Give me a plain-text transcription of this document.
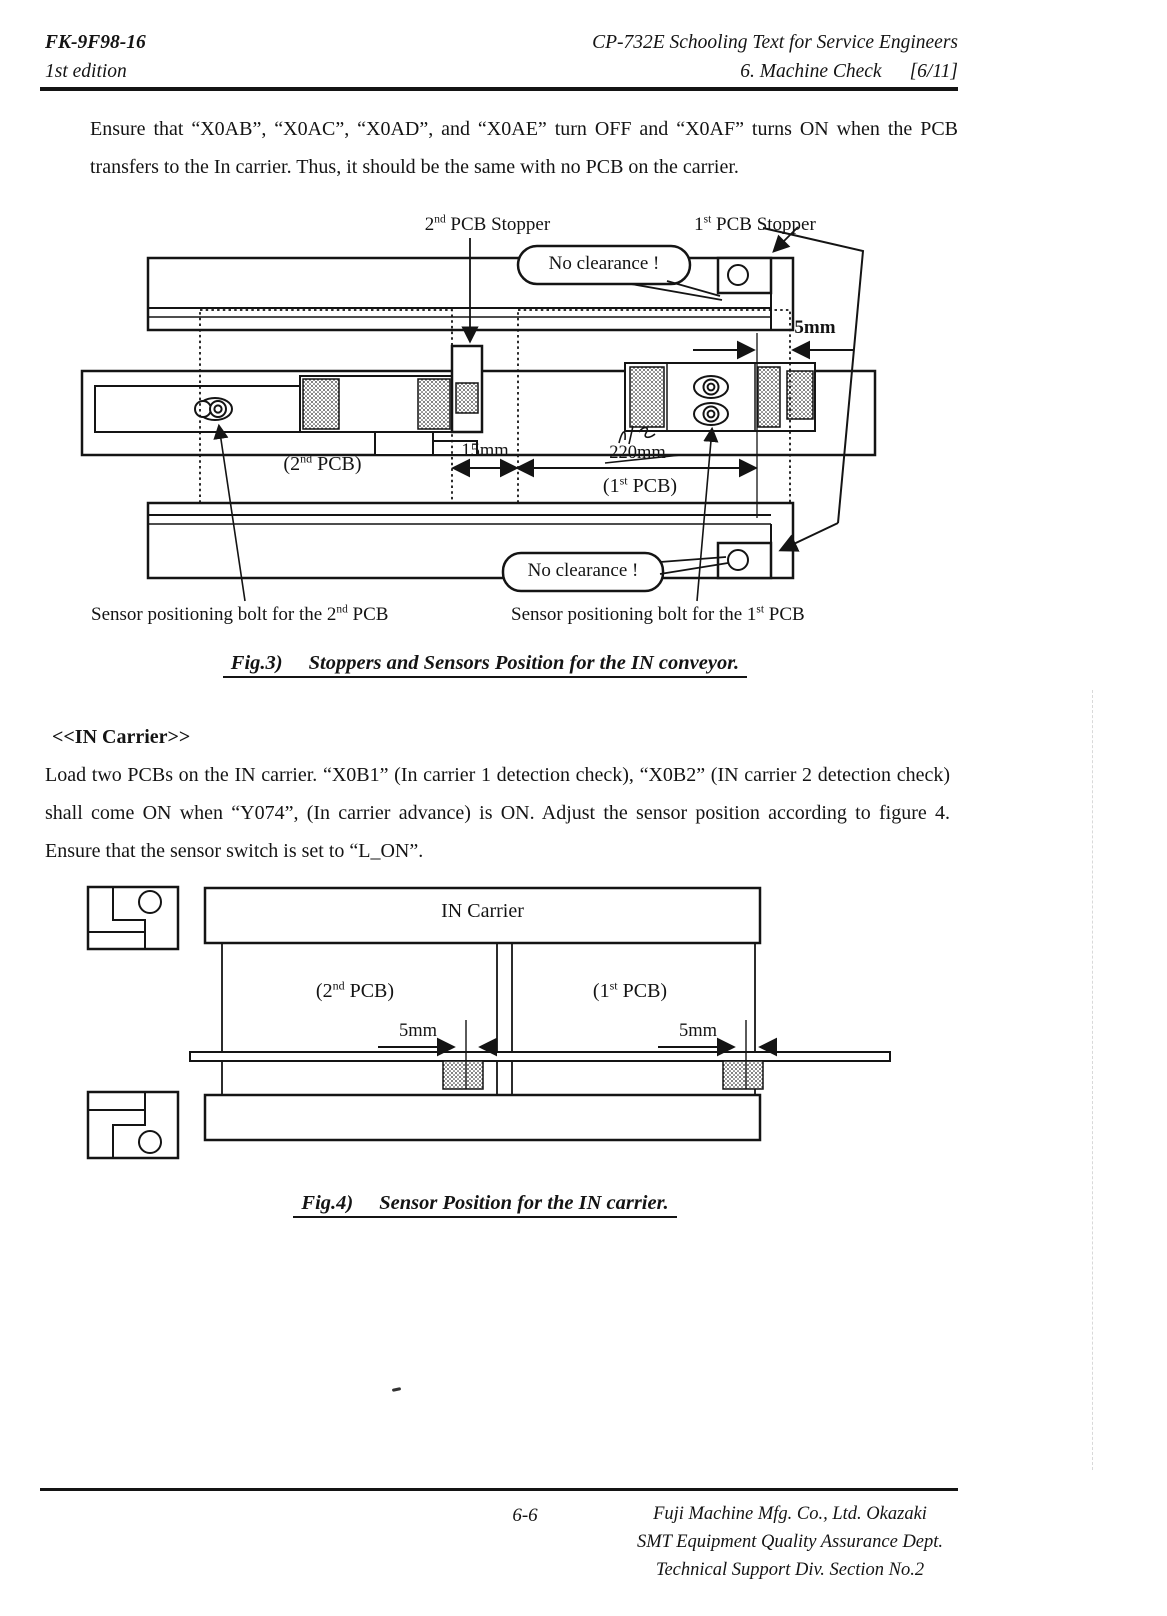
FK-9F98-16
1st edition
CP-732E Schooling Text for Service Engineers
6. Machine Check [6/11]
Ensure that “X0AB”, “X0AC”, “X0AD”, and “X0AE” turn OFF and “X0AF” turns ON when the PCB transfers to the In carrier. Thus, it should be the same with no PCB on the carrier.
2nd PCB Stopper	1st PCB Stopper
No clearance !
5mm
15mm	220mm
(2nd PCB)
(1st PCB)
No clearance !
Sensor positioning bolt for the 2nd PCB	Sensor positioning bolt for the 1st PCB
Fig.3) Stoppers and Sensors Position for the IN conveyor.
<<IN Carrier>>
Load two PCBs on the IN carrier. “X0B1” (In carrier 1 detection check), “X0B2” (IN carrier 2 detection check) shall come ON when “Y074”, (In carrier advance) is ON. Adjust the sensor position according to figure 4. Ensure that the sensor switch is set to “L_ON”.
IN Carrier
(2nd PCB)	(1st PCB)
5mm	5mm
Fig.4) Sensor Position for the IN carrier.
6-6	Fuji Machine Mfg. Co., Ltd. Okazaki
SMT Equipment Quality Assurance Dept.
Technical Support Div. Section No.2
